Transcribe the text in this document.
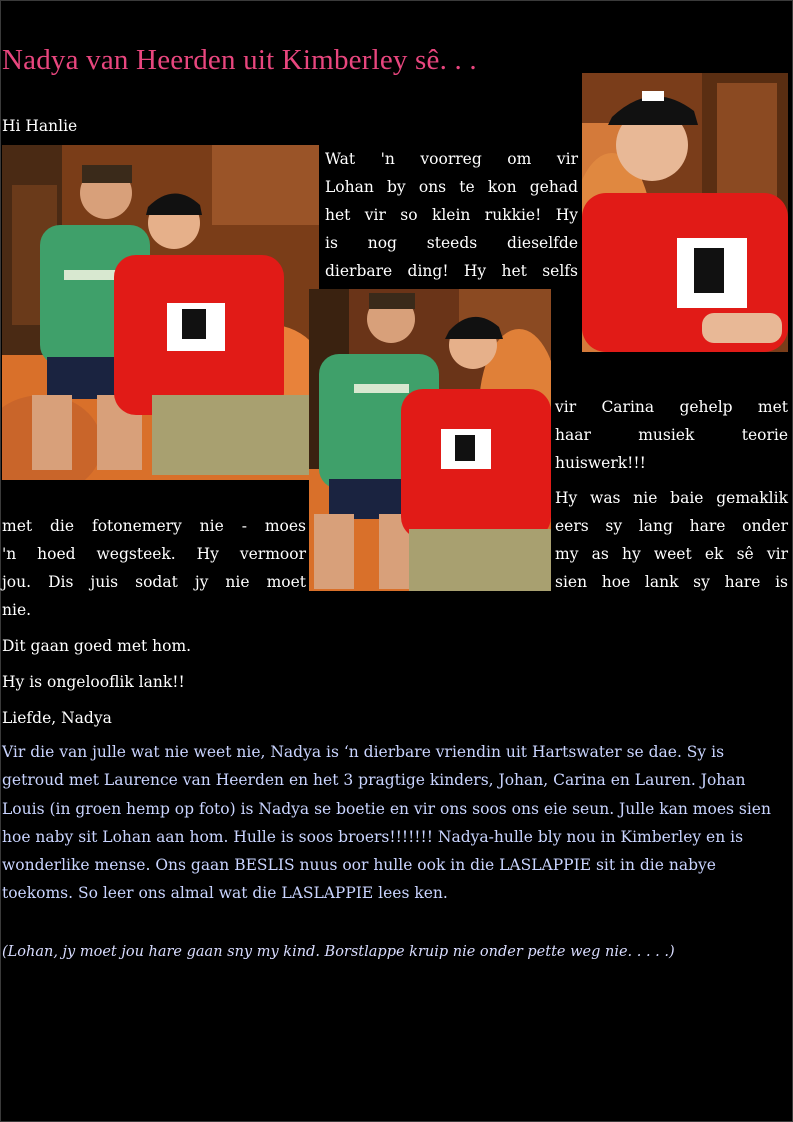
Nadya van Heerden uit Kimberley sê. . .

Hi Hanlie

Wat 'n voorreg om vir
Lohan by ons te kon gehad
het vir so klein rukkie! Hy
is nog steeds dieselfde
dierbare ding! Hy het selfs
vir Carina gehelp met
haar musiek teorie
huiswerk!!!
Hy was nie baie gemaklik
eers sy lang hare onder
my as hy weet ek sê vir
sien hoe lank sy hare is
met die fotonemery nie - moes
'n hoed wegsteek. Hy vermoor
jou. Dis juis sodat jy nie moet

nie.

Dit gaan goed met hom.

Hy is ongelooflik lank!!

Liefde, Nadya

Vir die van julle wat nie weet nie, Nadya is ‘n dierbare vriendin uit Hartswater se dae. Sy is getroud met Laurence van Heerden en het 3 pragtige kinders, Johan, Carina en Lauren. Johan Louis (in groen hemp op foto) is Nadya se boetie en vir ons soos ons eie seun. Julle kan moes sien hoe naby sit Lohan aan hom. Hulle is soos broers!!!!!!! Nadya-hulle bly nou in Kimberley en is wonderlike mense. Ons gaan BESLIS nuus oor hulle ook in die LASLAPPIE sit in die nabye toekoms. So leer ons almal wat die LASLAPPIE lees ken.

(Lohan, jy moet jou hare gaan sny my kind. Borstlappe kruip nie onder pette weg nie. . . . .)
